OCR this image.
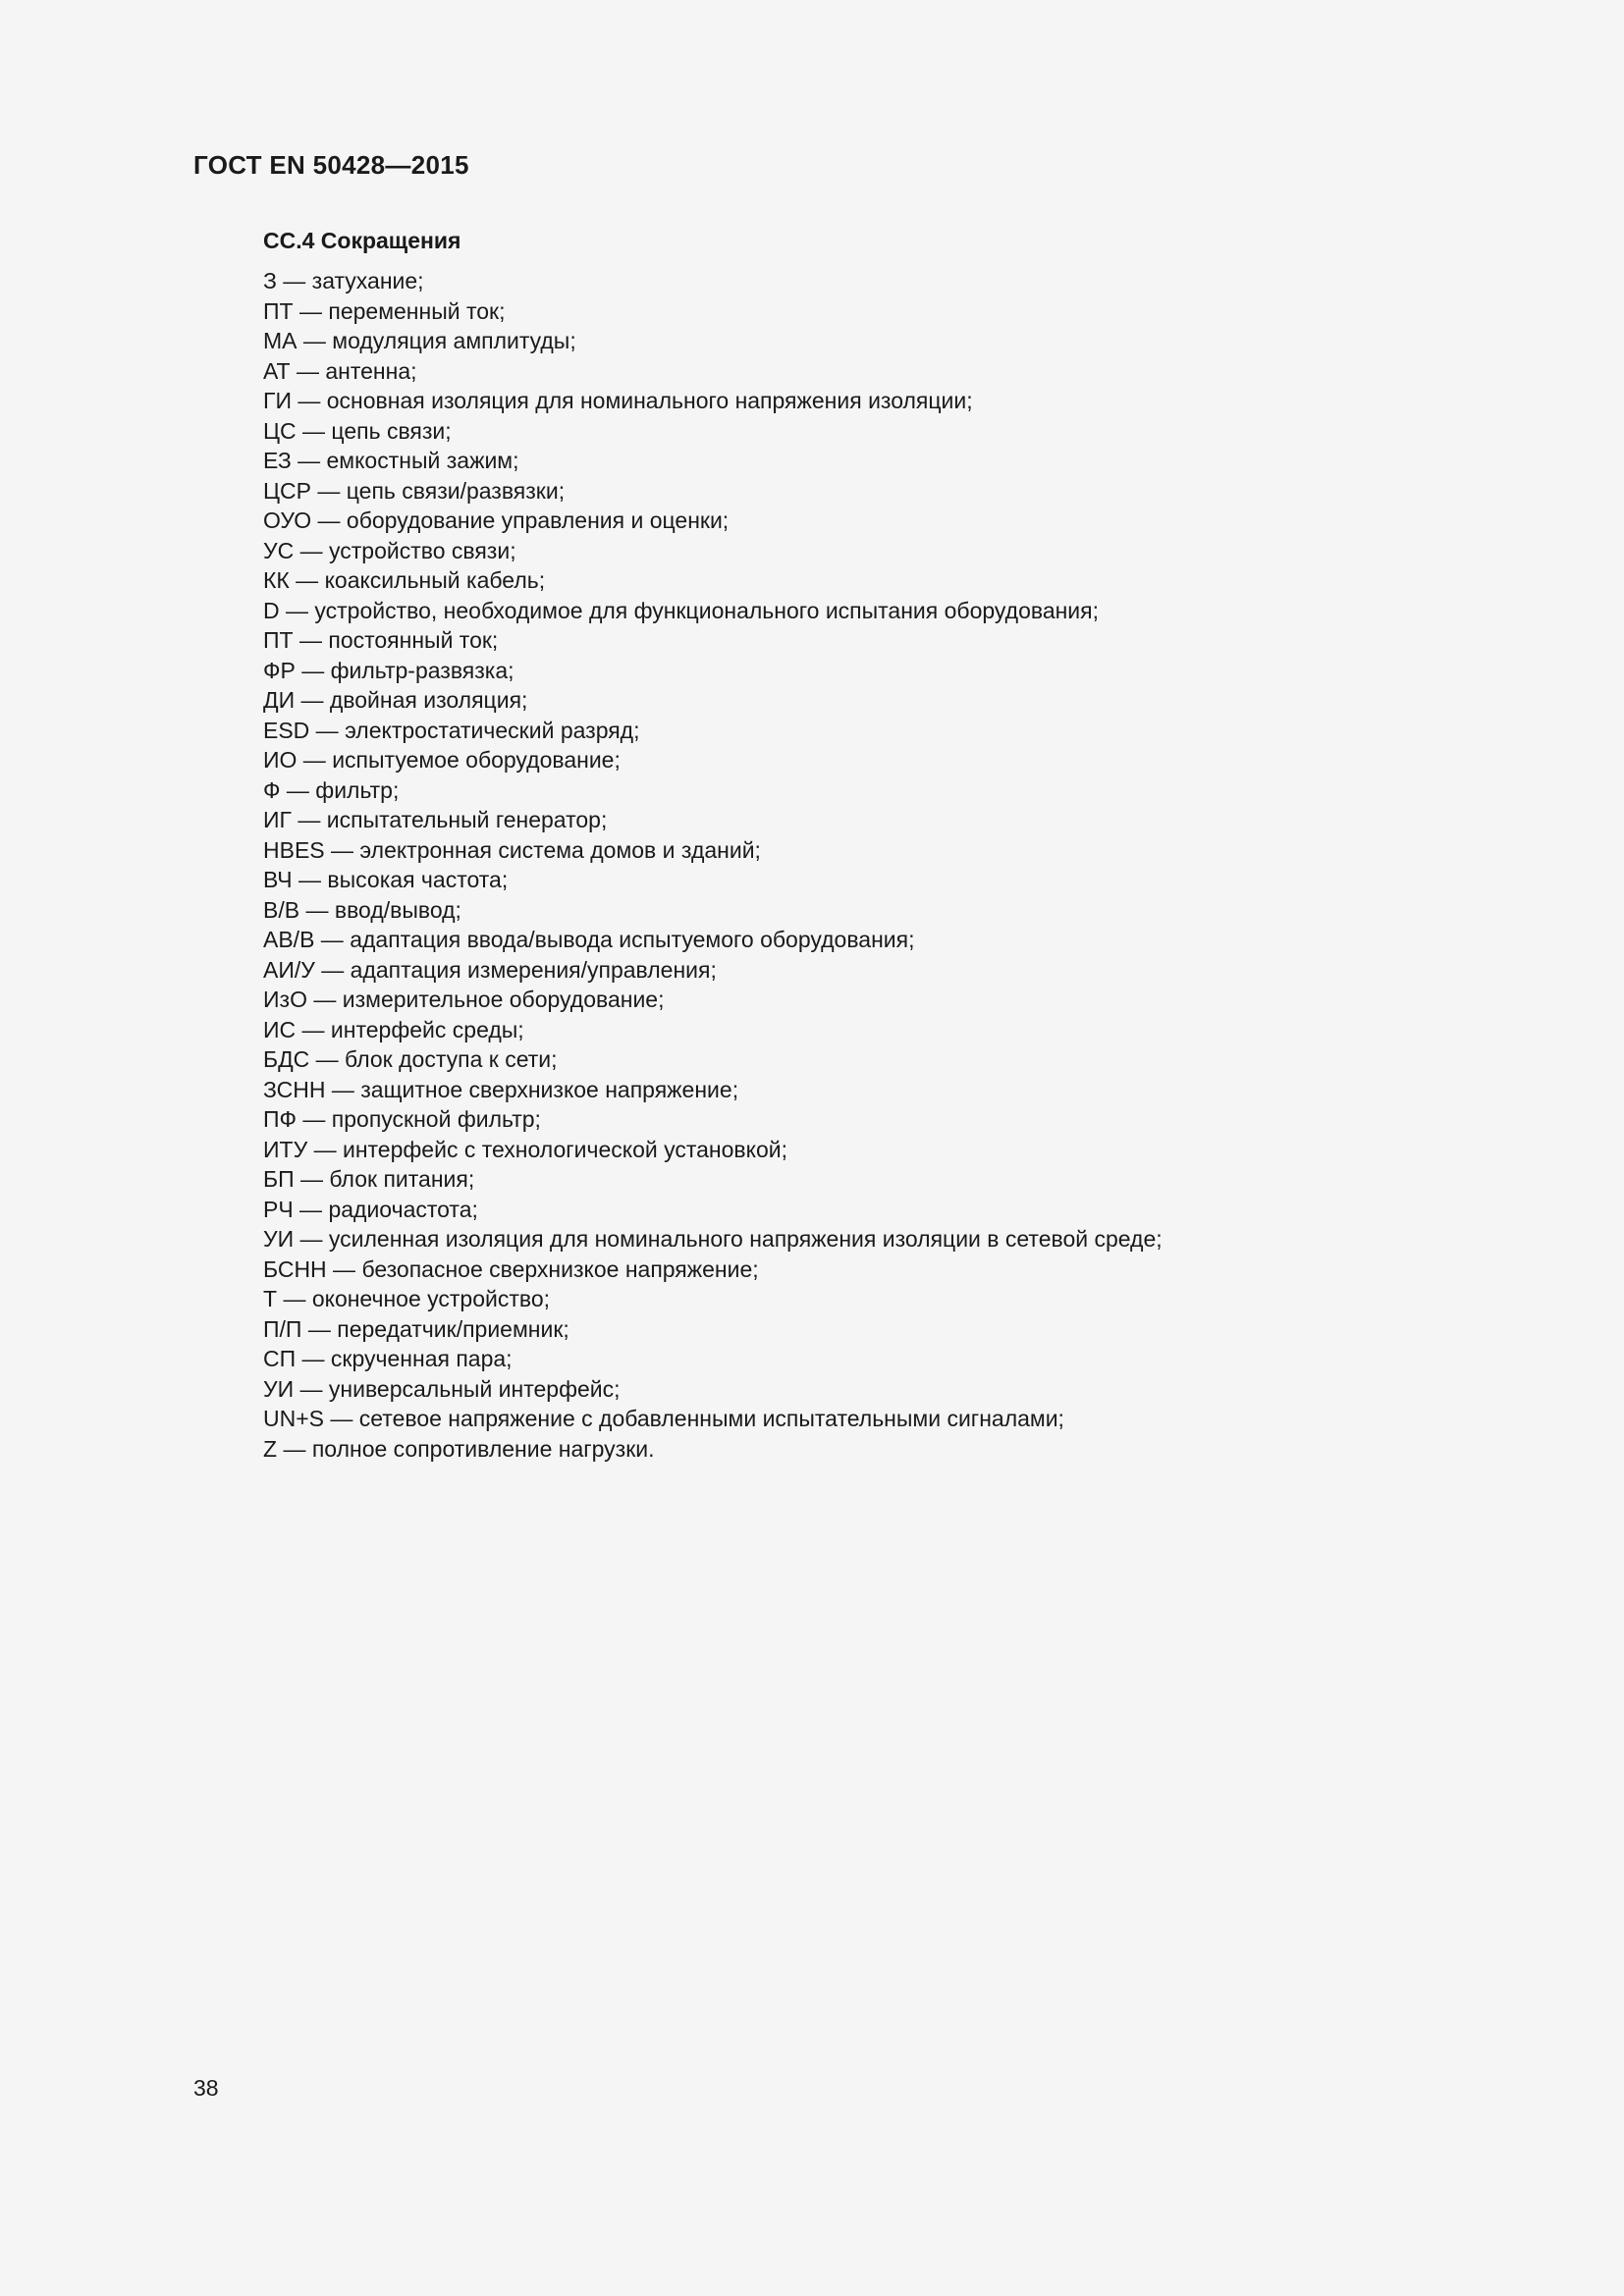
ГОСТ EN 50428—2015
СС.4 Сокращения
З — затухание;
ПТ — переменный ток;
МА — модуляция амплитуды;
АТ — антенна;
ГИ — основная изоляция для номинального напряжения изоляции;
ЦС — цепь связи;
ЕЗ — емкостный зажим;
ЦСР — цепь связи/развязки;
ОУО — оборудование управления и оценки;
УС — устройство связи;
КК — коаксильный кабель;
D — устройство, необходимое для функционального испытания оборудования;
ПТ — постоянный ток;
ФР — фильтр-развязка;
ДИ — двойная изоляция;
ESD — электростатический разряд;
ИО — испытуемое оборудование;
Ф — фильтр;
ИГ — испытательный генератор;
HBES — электронная система домов и зданий;
ВЧ — высокая частота;
В/В — ввод/вывод;
АВ/В — адаптация ввода/вывода испытуемого оборудования;
АИ/У — адаптация измерения/управления;
ИзО — измерительное оборудование;
ИС — интерфейс среды;
БДС — блок доступа к сети;
ЗСНН — защитное сверхнизкое напряжение;
ПФ — пропускной фильтр;
ИТУ — интерфейс с технологической установкой;
БП — блок питания;
РЧ — радиочастота;
УИ — усиленная изоляция для номинального напряжения изоляции в сетевой среде;
БСНН — безопасное сверхнизкое напряжение;
Т — оконечное устройство;
П/П — передатчик/приемник;
СП — скрученная пара;
УИ — универсальный интерфейс;
UN+S — сетевое напряжение с добавленными испытательными сигналами;
Z — полное сопротивление нагрузки.
38
